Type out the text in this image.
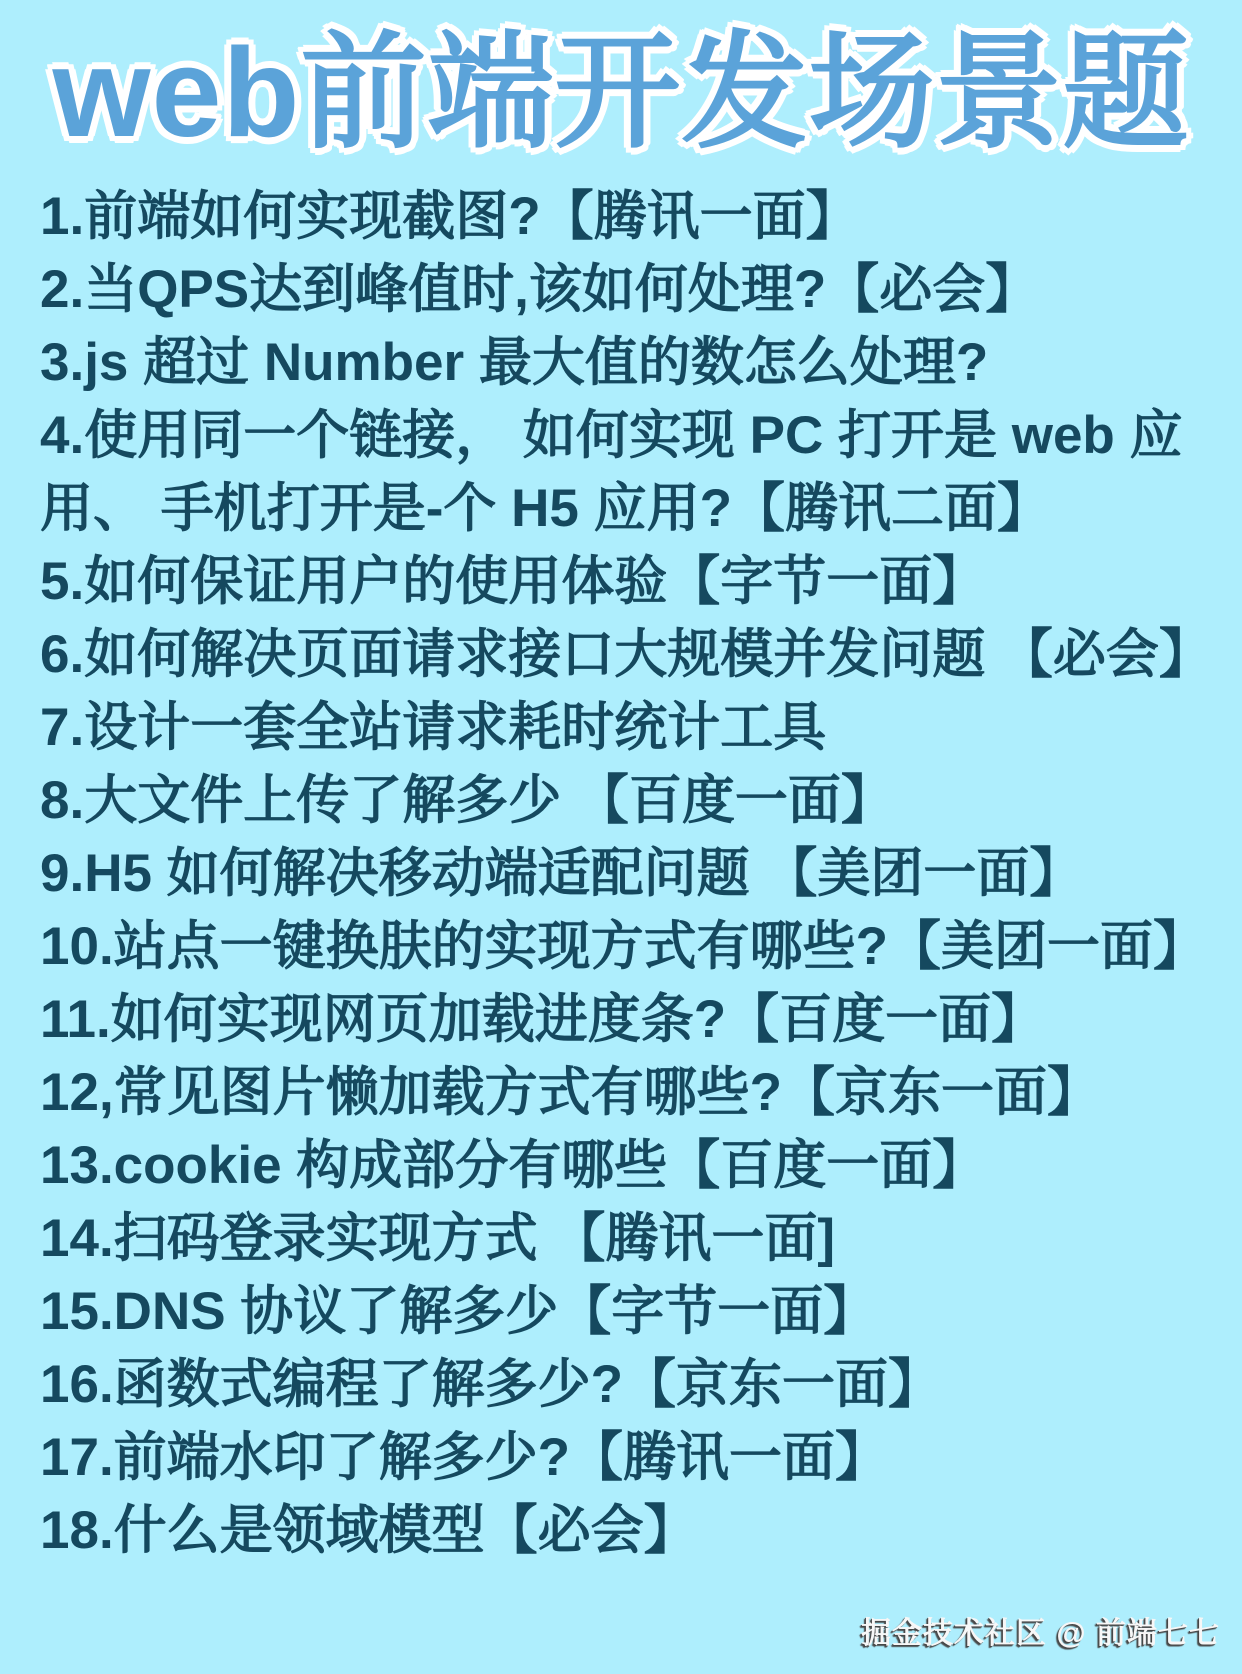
web前端开发场景题
1.前端如何实现截图?【腾讯一面】
2.当QPS达到峰值时,该如何处理?【必会】
3.js 超过 Number 最大值的数怎么处理?
4.使用同一个链接， 如何实现 PC 打开是 web 应用、 手机打开是-个 H5 应用?【腾讯二面】
5.如何保证用户的使用体验【字节一面】
6.如何解决页面请求接口大规模并发问题 【必会】
7.设计一套全站请求耗时统计工具
8.大文件上传了解多少 【百度一面】
9.H5 如何解决移动端适配问题 【美团一面】
10.站点一键换肤的实现方式有哪些?【美团一面】
11.如何实现网页加载进度条?【百度一面】
12,常见图片懒加载方式有哪些?【京东一面】
13.cookie 构成部分有哪些【百度一面】
14.扫码登录实现方式 【腾讯一面]
15.DNS 协议了解多少【字节一面】
16.函数式编程了解多少?【京东一面】
17.前端水印了解多少?【腾讯一面】
18.什么是领域模型【必会】
掘金技术社区 @ 前端七七
